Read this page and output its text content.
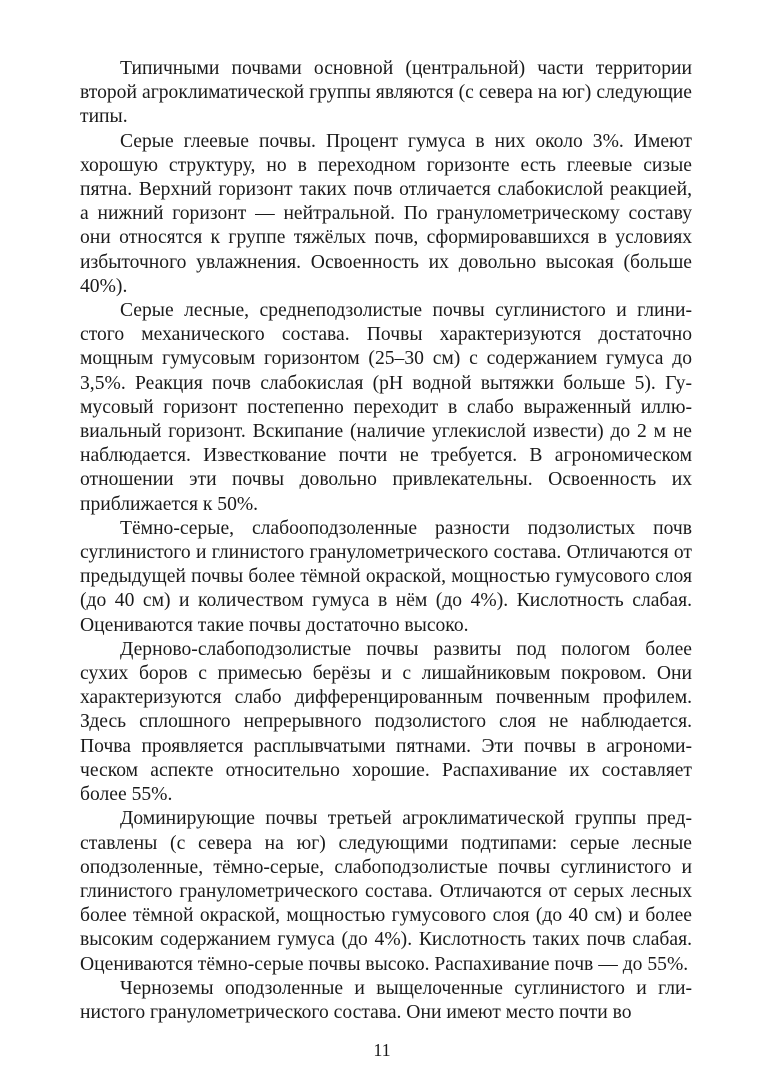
Типичными почвами основной (центральной) части территории второй агроклиматической группы являются (с севера на юг) следующие типы.

Серые глеевые почвы. Процент гумуса в них около 3%. Имеют хорошую структуру, но в переходном горизонте есть глеевые сизые пятна. Верхний горизонт таких почв отличается слабокислой реакцией, а нижний горизонт — нейтральной. По гранулометрическому составу они относятся к группе тяжёлых почв, сформировавшихся в условиях избыточного увлажнения. Освоенность их довольно высокая (больше 40%).

Серые лесные, среднеподзолистые почвы суглинистого и глинистого механического состава. Почвы характеризуются достаточно мощным гумусовым горизонтом (25–30 см) с содержанием гумуса до 3,5%. Реакция почв слабокислая (pH водной вытяжки больше 5). Гумусовый горизонт постепенно переходит в слабо выраженный иллювиальный горизонт. Вскипание (наличие углекислой извести) до 2 м не наблюдается. Известкование почти не требуется. В агрономическом отношении эти почвы довольно привлекательны. Освоенность их приближается к 50%.

Тёмно-серые, слабооподзоленные разности подзолистых почв суглинистого и глинистого гранулометрического состава. Отличаются от предыдущей почвы более тёмной окраской, мощностью гумусового слоя (до 40 см) и количеством гумуса в нём (до 4%). Кислотность слабая. Оцениваются такие почвы достаточно высоко.

Дерново-слабоподзолистые почвы развиты под пологом более сухих боров с примесью берёзы и с лишайниковым покровом. Они характеризуются слабо дифференцированным почвенным профилем. Здесь сплошного непрерывного подзолистого слоя не наблюдается. Почва проявляется расплывчатыми пятнами. Эти почвы в агрономическом аспекте относительно хорошие. Распахивание их составляет более 55%.

Доминирующие почвы третьей агроклиматической группы представлены (с севера на юг) следующими подтипами: серые лесные оподзоленные, тёмно-серые, слабоподзолистые почвы суглинистого и глинистого гранулометрического состава. Отличаются от серых лесных более тёмной окраской, мощностью гумусового слоя (до 40 см) и более высоким содержанием гумуса (до 4%). Кислотность таких почв слабая. Оцениваются тёмно-серые почвы высоко. Распахивание почв — до 55%.

Черноземы оподзоленные и выщелоченные суглинистого и глинистого гранулометрического состава. Они имеют место почти во

11
